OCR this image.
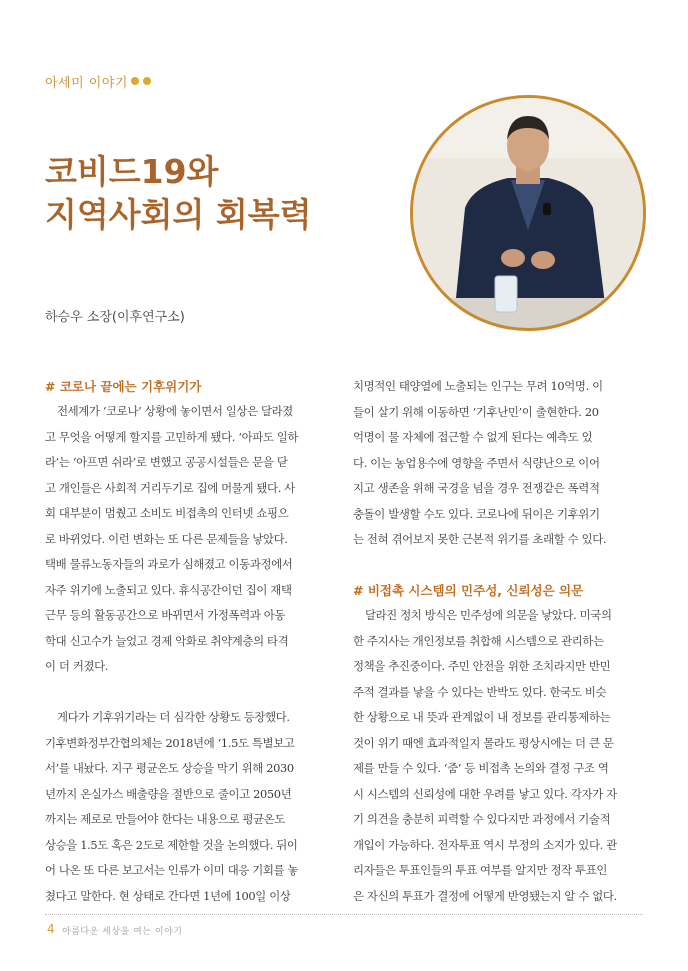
아세미 이야기
코비드19와
지역사회의 회복력
하승우 소장(이후연구소)
# 코로나 끝에는 기후위기가
전세계가 ‘코로나’ 상황에 놓이면서 일상은 달라졌
고 무엇을 어떻게 할지를 고민하게 됐다. ‘아파도 일하
라’는 ‘아프면 쉬라’로 변했고 공공시설들은 문을 닫
고 개인들은 사회적 거리두기로 집에 머물게 됐다. 사
회 대부분이 멈췄고 소비도 비접촉의 인터넷 쇼핑으
로 바뀌었다. 이런 변화는 또 다른 문제들을 낳았다.
택배 물류노동자들의 과로가 심해졌고 이동과정에서
자주 위기에 노출되고 있다. 휴식공간이던 집이 재택
근무 등의 활동공간으로 바뀌면서 가정폭력과 아동
학대 신고수가 늘었고 경제 악화로 취약계층의 타격
이 더 커졌다.
게다가 기후위기라는 더 심각한 상황도 등장했다.
기후변화정부간협의체는 2018년에 ‘1.5도 특별보고
서’를 내놨다. 지구 평균온도 상승을 막기 위해 2030
년까지 온실가스 배출량을 절반으로 줄이고 2050년
까지는 제로로 만들어야 한다는 내용으로 평균온도
상승을 1.5도 혹은 2도로 제한할 것을 논의했다. 뒤이
어 나온 또 다른 보고서는 인류가 이미 대응 기회를 놓
쳤다고 말한다. 현 상태로 간다면 1년에 100일 이상
치명적인 태양열에 노출되는 인구는 무려 10억명. 이
들이 살기 위해 이동하면 ‘기후난민’이 출현한다. 20
억명이 물 자체에 접근할 수 없게 된다는 예측도 있
다. 이는 농업용수에 영향을 주면서 식량난으로 이어
지고 생존을 위해 국경을 넘을 경우 전쟁같은 폭력적
충돌이 발생할 수도 있다. 코로나에 뒤이은 기후위기
는 전혀 겪어보지 못한 근본적 위기를 초래할 수 있다.
# 비접촉 시스템의 민주성, 신뢰성은 의문
달라진 정치 방식은 민주성에 의문을 낳았다. 미국의
한 주지사는 개인정보를 취합해 시스템으로 관리하는
정책을 추진중이다. 주민 안전을 위한 조치라지만 반민
주적 결과를 낳을 수 있다는 반박도 있다. 한국도 비슷
한 상황으로 내 뜻과 관계없이 내 정보를 관리통제하는
것이 위기 때엔 효과적일지 몰라도 평상시에는 더 큰 문
제를 만들 수 있다. ‘줌’ 등 비접촉 논의와 결정 구조 역
시 시스템의 신뢰성에 대한 우려를 낳고 있다. 각자가 자
기 의견을 충분히 피력할 수 있다지만 과정에서 기술적
개입이 가능하다. 전자투표 역시 부정의 소지가 있다. 관
리자들은 투표인들의 투표 여부를 알지만 정작 투표인
은 자신의 투표가 결정에 어떻게 반영됐는지 알 수 없다.
4 아름다운 세상을 여는 이야기
